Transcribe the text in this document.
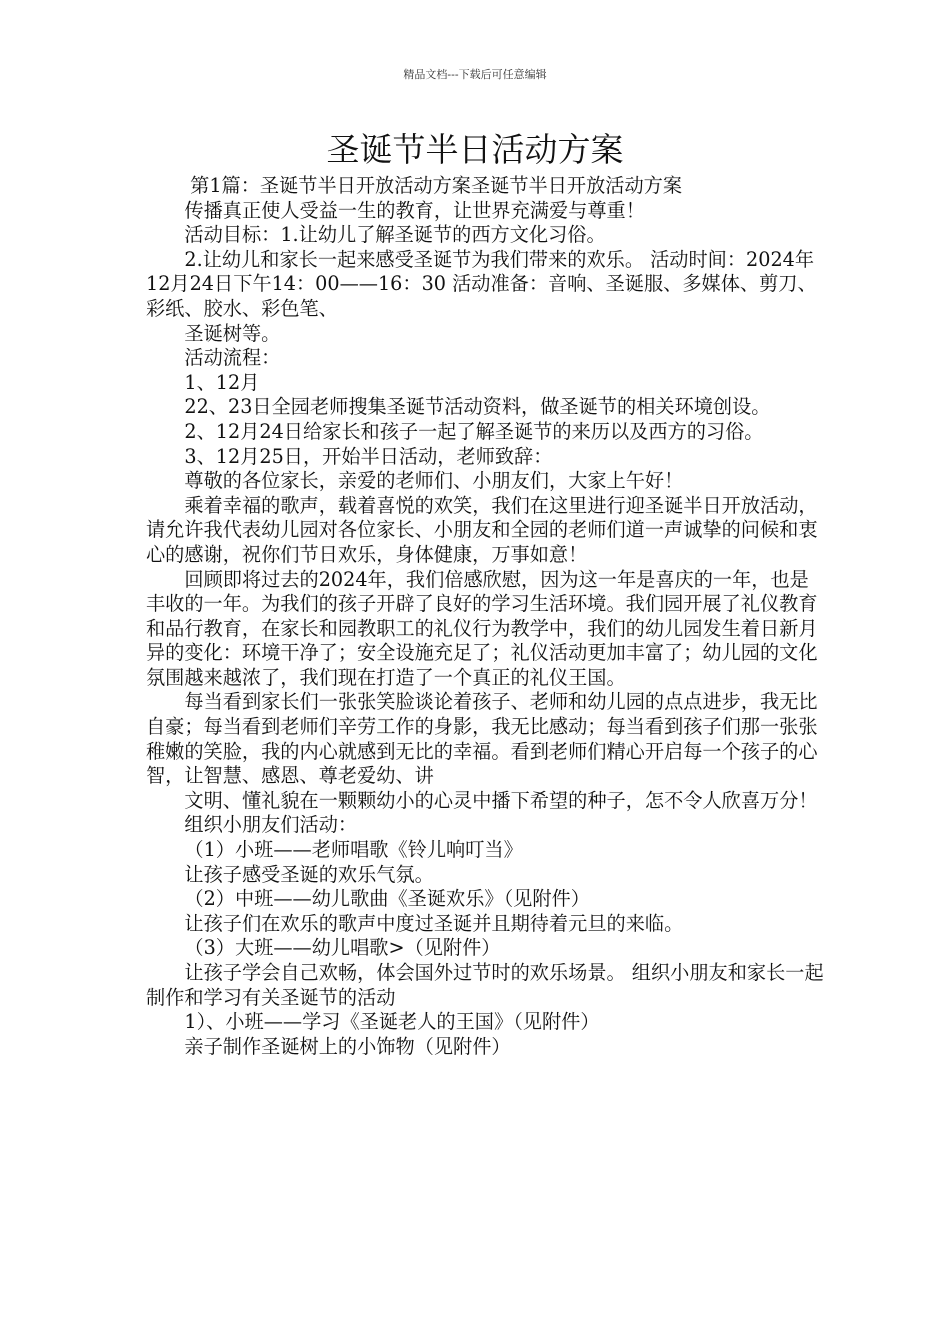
精品文档---下载后可任意编辑
圣诞节半日活动方案

第1篇：圣诞节半日开放活动方案圣诞节半日开放活动方案

传播真正使人受益一生的教育，让世界充满爱与尊重！

活动目标：1.让幼儿了解圣诞节的西方文化习俗。

2.让幼儿和家长一起来感受圣诞节为我们带来的欢乐。 活动时间：2024年12月24日下午14：00——16：30 活动准备：音响、圣诞服、多媒体、剪刀、彩纸、胶水、彩色笔、

圣诞树等。

活动流程：

1、12月

22、23日全园老师搜集圣诞节活动资料，做圣诞节的相关环境创设。

2、12月24日给家长和孩子一起了解圣诞节的来历以及西方的习俗。

3、12月25日，开始半日活动，老师致辞：

尊敬的各位家长，亲爱的老师们、小朋友们，大家上午好！

乘着幸福的歌声，载着喜悦的欢笑，我们在这里进行迎圣诞半日开放活动，请允许我代表幼儿园对各位家长、小朋友和全园的老师们道一声诚挚的问候和衷心的感谢，祝你们节日欢乐，身体健康，万事如意！

回顾即将过去的2024年，我们倍感欣慰，因为这一年是喜庆的一年，也是丰收的一年。为我们的孩子开辟了良好的学习生活环境。我们园开展了礼仪教育和品行教育，在家长和园教职工的礼仪行为教学中，我们的幼儿园发生着日新月异的变化：环境干净了；安全设施充足了；礼仪活动更加丰富了；幼儿园的文化氛围越来越浓了，我们现在打造了一个真正的礼仪王国。

每当看到家长们一张张笑脸谈论着孩子、老师和幼儿园的点点进步，我无比自豪；每当看到老师们辛劳工作的身影，我无比感动；每当看到孩子们那一张张稚嫩的笑脸，我的内心就感到无比的幸福。看到老师们精心开启每一个孩子的心智，让智慧、感恩、尊老爱幼、讲

文明、懂礼貌在一颗颗幼小的心灵中播下希望的种子，怎不令人欣喜万分！

组织小朋友们活动：

（1）小班——老师唱歌《铃儿响叮当》

让孩子感受圣诞的欢乐气氛。

（2）中班——幼儿歌曲《圣诞欢乐》（见附件）

让孩子们在欢乐的歌声中度过圣诞并且期待着元旦的来临。

（3）大班——幼儿唱歌>（见附件）

让孩子学会自己欢畅，体会国外过节时的欢乐场景。 组织小朋友和家长一起制作和学习有关圣诞节的活动

1）、小班——学习《圣诞老人的王国》（见附件）

亲子制作圣诞树上的小饰物（见附件）
